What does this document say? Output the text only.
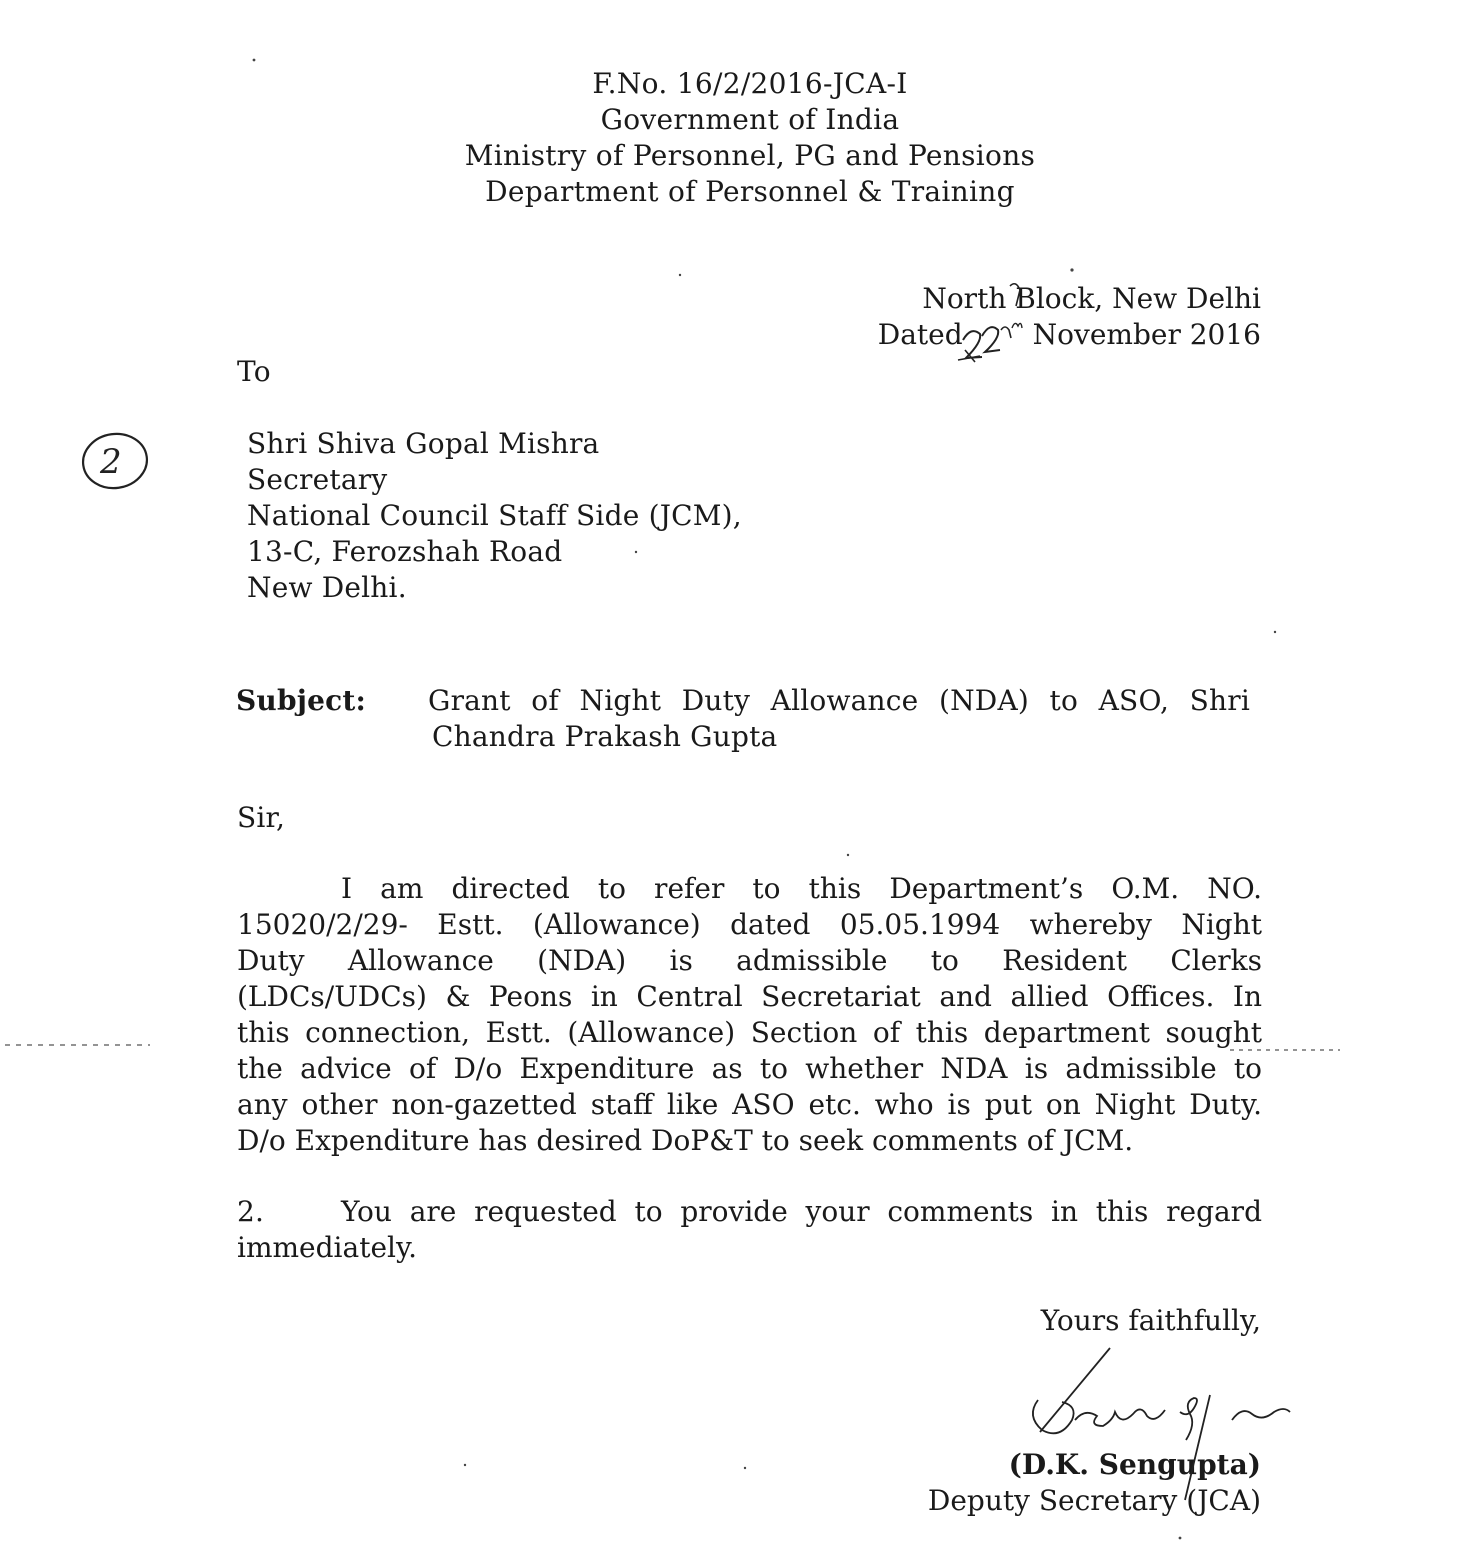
F.No. 16/2/2016-JCA-I
Government of India
Ministry of Personnel, PG and Pensions
Department of Personnel & Training
North Block, New Delhi
Dated	November 2016
To
Shri Shiva Gopal Mishra
Secretary
National Council Staff Side (JCM),
13-C, Ferozshah Road
New Delhi.
Subject: Grant of Night Duty Allowance (NDA) to ASO, Shri
Chandra Prakash Gupta
Sir,
I am directed to refer to this Department’s O.M. NO.
15020/2/29- Estt. (Allowance) dated 05.05.1994 whereby Night
Duty Allowance (NDA) is admissible to Resident Clerks
(LDCs/UDCs) & Peons in Central Secretariat and allied Offices. In
this connection, Estt. (Allowance) Section of this department sought
the advice of D/o Expenditure as to whether NDA is admissible to
any other non-gazetted staff like ASO etc. who is put on Night Duty.
D/o Expenditure has desired DoP&T to seek comments of JCM.
2.	You are requested to provide your comments in this regard
immediately.
Yours faithfully,
(D.K. Sengupta)
Deputy Secretary (JCA)
2
